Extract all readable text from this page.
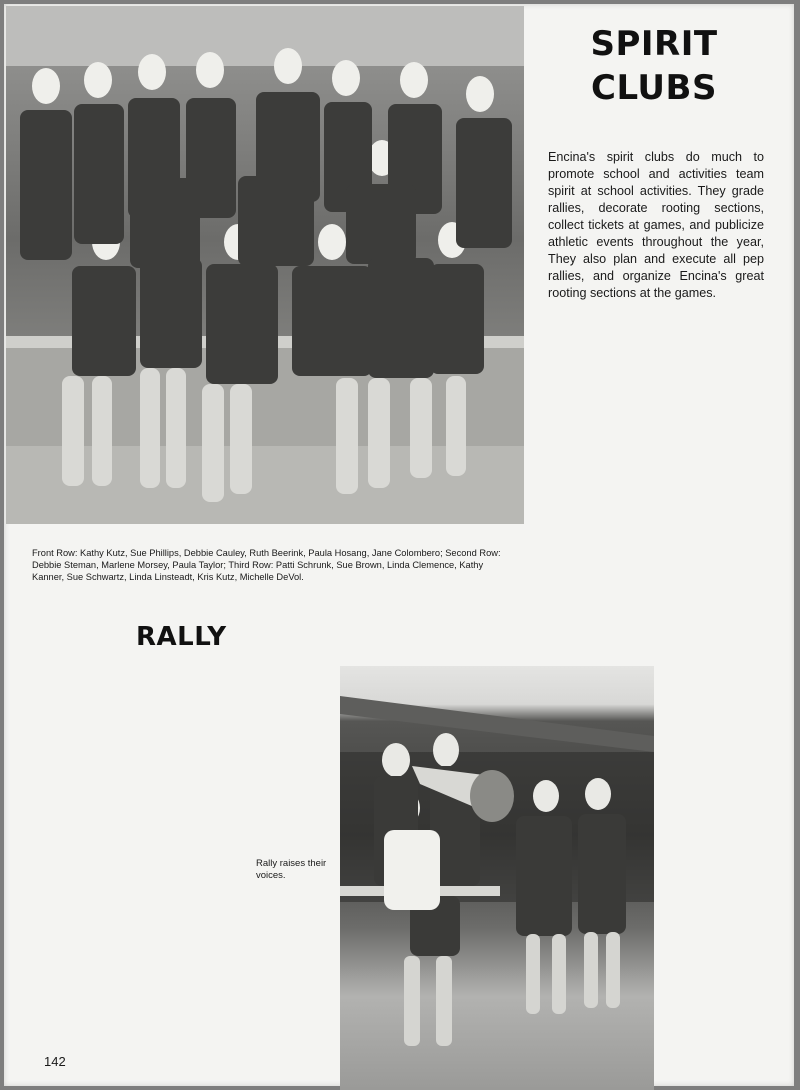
SPIRIT
CLUBS

Encina's spirit clubs do much to promote school and activities team spirit at school activities. They grade rallies, decorate rooting sections, collect tickets at games, and publicize athletic events throughout the year, They also plan and execute all pep rallies, and organize Encina's great rooting sections at the games.

Front Row: Kathy Kutz, Sue Phillips, Debbie Cauley, Ruth Beerink, Paula Hosang, Jane Colombero; Second Row: Debbie Steman, Marlene Morsey, Paula Taylor; Third Row: Patti Schrunk, Sue Brown, Linda Clemence, Kathy Kanner, Sue Schwartz, Linda Linsteadt, Kris Kutz, Michelle DeVol.

RALLY

Rally raises their voices.

142
